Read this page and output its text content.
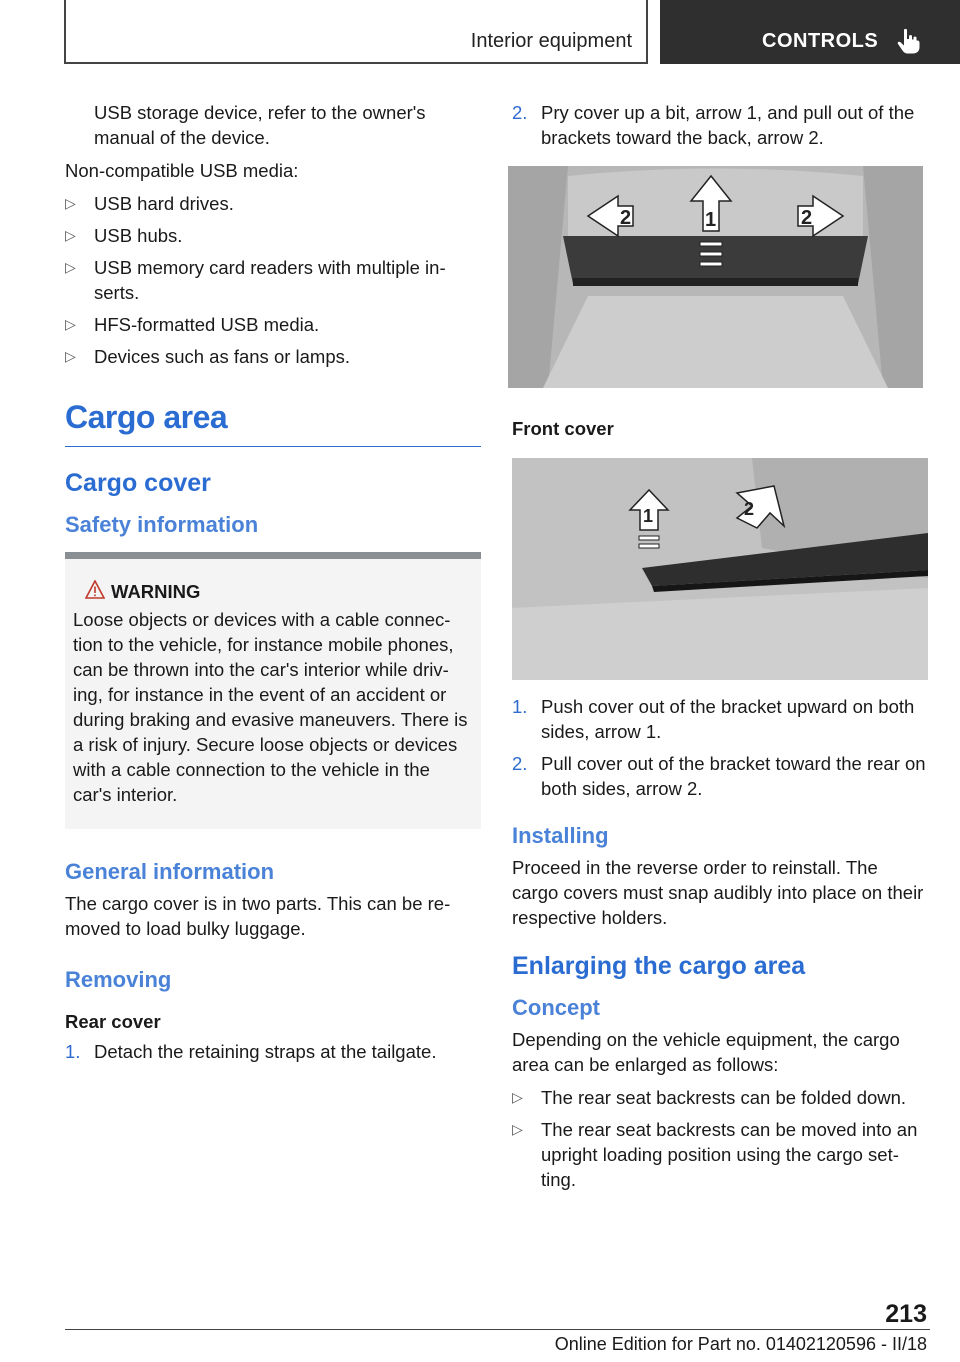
Interior equipment	CONTROLS

USB storage device, refer to the owner's manual of the device.

Non-compatible USB media:

▷ USB hard drives.
▷ USB hubs.
▷ USB memory card readers with multiple in-serts.
▷ HFS-formatted USB media.
▷ Devices such as fans or lamps.
Cargo area
Cargo cover
Safety information
WARNING
Loose objects or devices with a cable connec-tion to the vehicle, for instance mobile phones, can be thrown into the car's interior while driv-ing, for instance in the event of an accident or during braking and evasive maneuvers. There is a risk of injury. Secure loose objects or devices with a cable connection to the vehicle in the car's interior.
General information

The cargo cover is in two parts. This can be re-moved to load bulky luggage.

Removing
Rear cover
1. Detach the retaining straps at the tailgate.
2. Pry cover up a bit, arrow 1, and pull out of the brackets toward the back, arrow 2.
2	1	2
Front cover
1	2
1. Push cover out of the bracket upward on both sides, arrow 1.
2. Pull cover out of the bracket toward the rear on both sides, arrow 2.
Installing

Proceed in the reverse order to reinstall. The cargo covers must snap audibly into place on their respective holders.

Enlarging the cargo area
Concept

Depending on the vehicle equipment, the cargo area can be enlarged as follows:

▷ The rear seat backrests can be folded down.
▷ The rear seat backrests can be moved into an upright loading position using the cargo set-ting.
213
Online Edition for Part no. 01402120596 - II/18
